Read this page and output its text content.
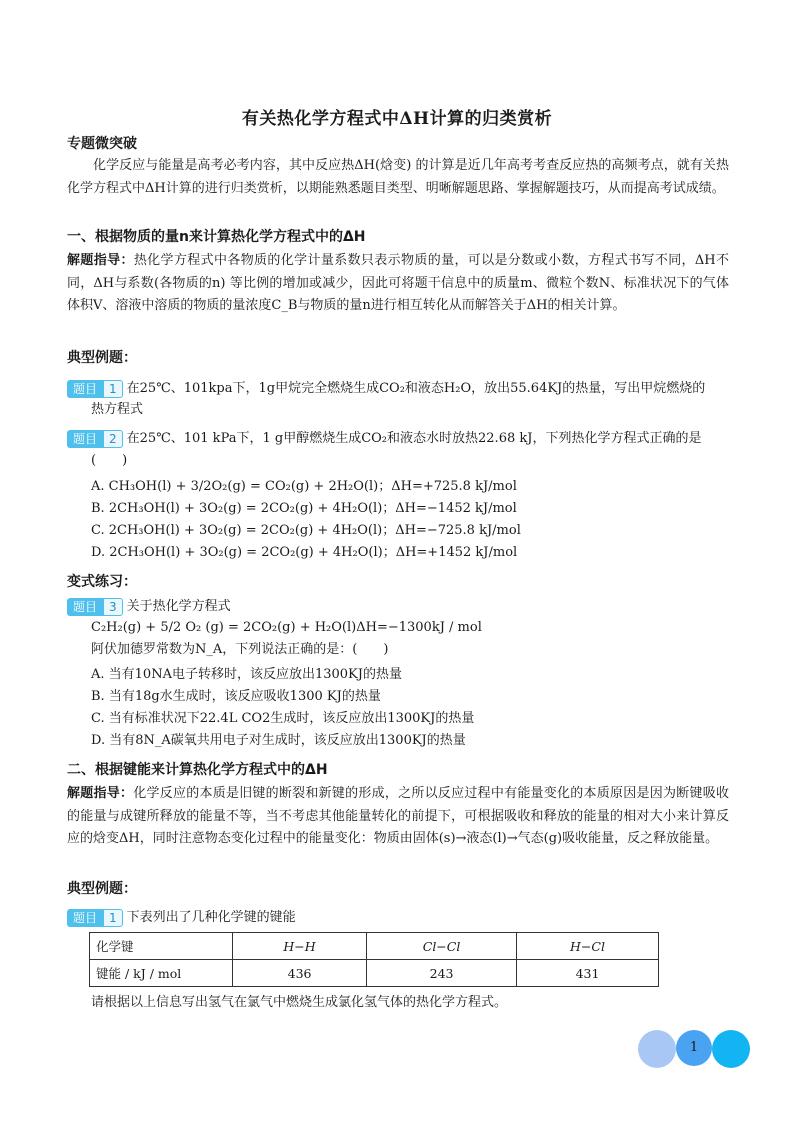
有关热化学方程式中ΔH计算的归类赏析
专题微突破
化学反应与能量是高考必考内容，其中反应热ΔH(焓变) 的计算是近几年高考考查反应热的高频考点，就有关热化学方程式中ΔH计算的进行归类赏析，以期能熟悉题目类型、明晰解题思路、掌握解题技巧，从而提高考试成绩。
一、根据物质的量n来计算热化学方程式中的ΔH
解题指导：热化学方程式中各物质的化学计量系数只表示物质的量，可以是分数或小数，方程式书写不同，ΔH不同，ΔH与系数(各物质的n) 等比例的增加或减少，因此可将题干信息中的质量m、微粒个数N、标准状况下的气体体积V、溶液中溶质的物质的量浓度C_B与物质的量n进行相互转化从而解答关于ΔH的相关计算。
典型例题：
题目	1 在25℃、101kpa下，1g甲烷完全燃烧生成CO₂和液态H₂O，放出55.64KJ的热量，写出甲烷燃烧的
热方程式
题目	2 在25℃、101 kPa下，1 g甲醇燃烧生成CO₂和液态水时放热22.68 kJ，下列热化学方程式正确的是
(　　)
A. CH₃OH(l) + 3/2O₂(g) = CO₂(g) + 2H₂O(l)；ΔH=+725.8 kJ/mol
B. 2CH₃OH(l) + 3O₂(g) = 2CO₂(g) + 4H₂O(l)；ΔH=−1452 kJ/mol
C. 2CH₃OH(l) + 3O₂(g) = 2CO₂(g) + 4H₂O(l)；ΔH=−725.8 kJ/mol
D. 2CH₃OH(l) + 3O₂(g) = 2CO₂(g) + 4H₂O(l)；ΔH=+1452 kJ/mol
变式练习：
题目	3 关于热化学方程式
C₂H₂(g) + 5/2 O₂ (g) = 2CO₂(g) + H₂O(l)ΔH=−1300kJ / mol
阿伏加德罗常数为N_A，下列说法正确的是：(　　)
A. 当有10NA电子转移时，该反应放出1300KJ的热量
B. 当有18g水生成时，该反应吸收1300 KJ的热量
C. 当有标准状况下22.4L CO2生成时，该反应放出1300KJ的热量
D. 当有8N_A碳氧共用电子对生成时，该反应放出1300KJ的热量
二、根据键能来计算热化学方程式中的ΔH
解题指导：化学反应的本质是旧键的断裂和新键的形成，之所以反应过程中有能量变化的本质原因是因为断键吸收的能量与成键所释放的能量不等，当不考虑其他能量转化的前提下，可根据吸收和释放的能量的相对大小来计算反应的焓变ΔH，同时注意物态变化过程中的能量变化：物质由固体(s)→液态(l)→气态(g)吸收能量，反之释放能量。
典型例题：
题目	1 下表列出了几种化学键的键能
化学键	H−H	Cl−Cl	H−Cl
键能 / kJ / mol	436	243	431
请根据以上信息写出氢气在氯气中燃烧生成氯化氢气体的热化学方程式。
1
